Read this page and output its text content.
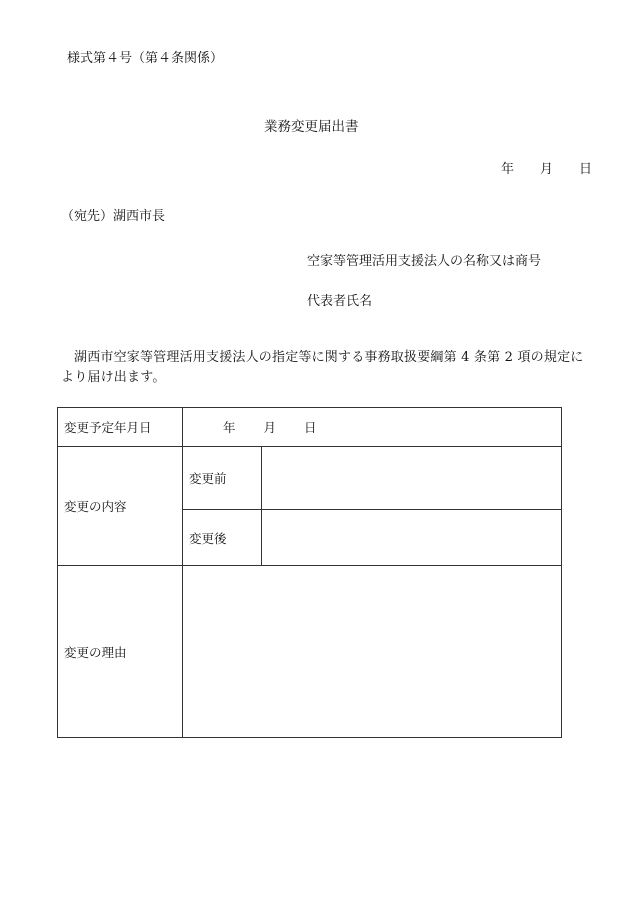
様式第４号（第４条関係）
業務変更届出書
年 月 日
（宛先）湖西市長
空家等管理活用支援法人の名称又は商号
代表者氏名
湖西市空家等管理活用支援法人の指定等に関する事務取扱要綱第 4 条第 2 項の規定により届け出ます。
変更予定年月日	年 月 日	
変更の内容	変更前	
	変更後	
変更の理由		
